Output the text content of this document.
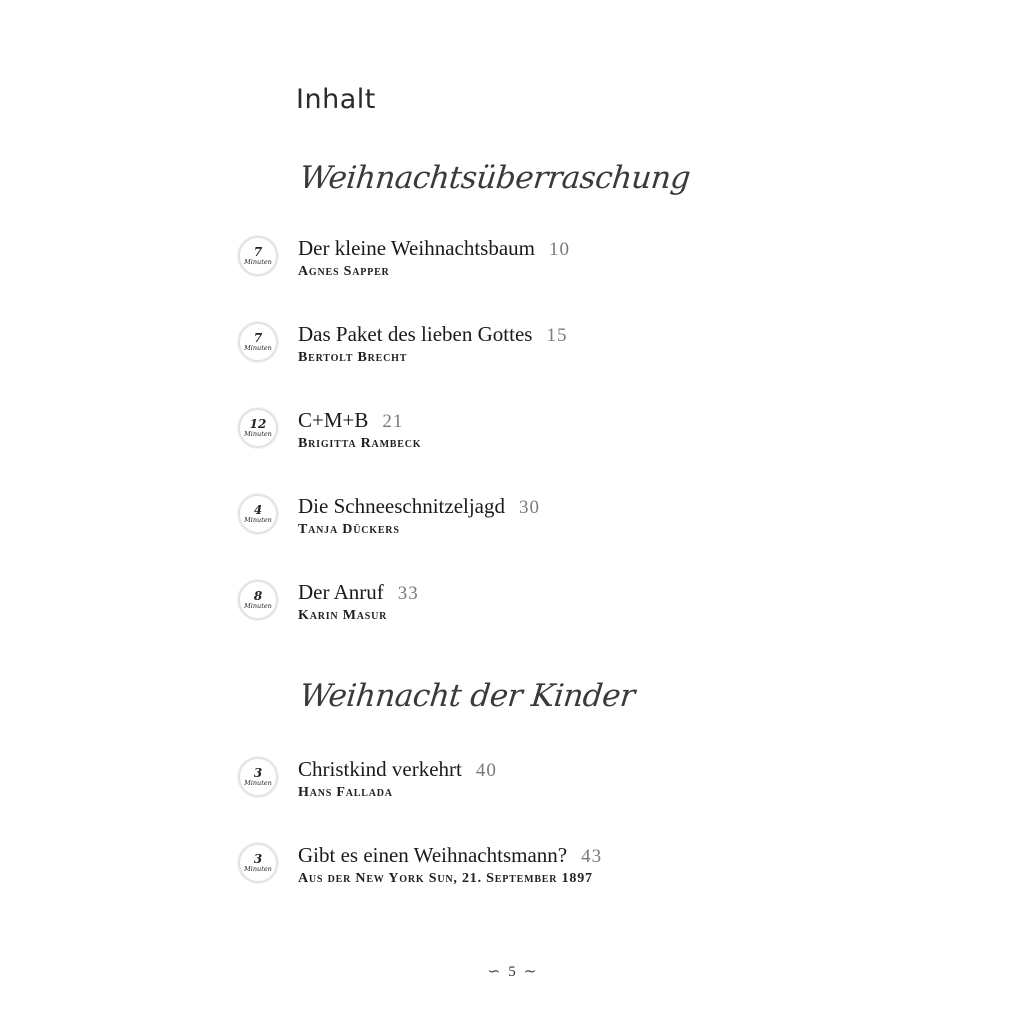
Inhalt
Weihnachtsüberraschung
7
Minuten
Der kleine Weihnachtsbaum 10
Agnes Sapper
7
Minuten
Das Paket des lieben Gottes 15
Bertolt Brecht
12
Minuten
C+M+B 21
Brigitta Rambeck
4
Minuten
Die Schneeschnitzeljagd 30
Tanja Dückers
8
Minuten
Der Anruf 33
Karin Masur
Weihnacht der Kinder
3
Minuten
Christkind verkehrt 40
Hans Fallada
3
Minuten
Gibt es einen Weihnachtsmann? 43
Aus der New York Sun, 21. September 1897
∽ 5 ∼
